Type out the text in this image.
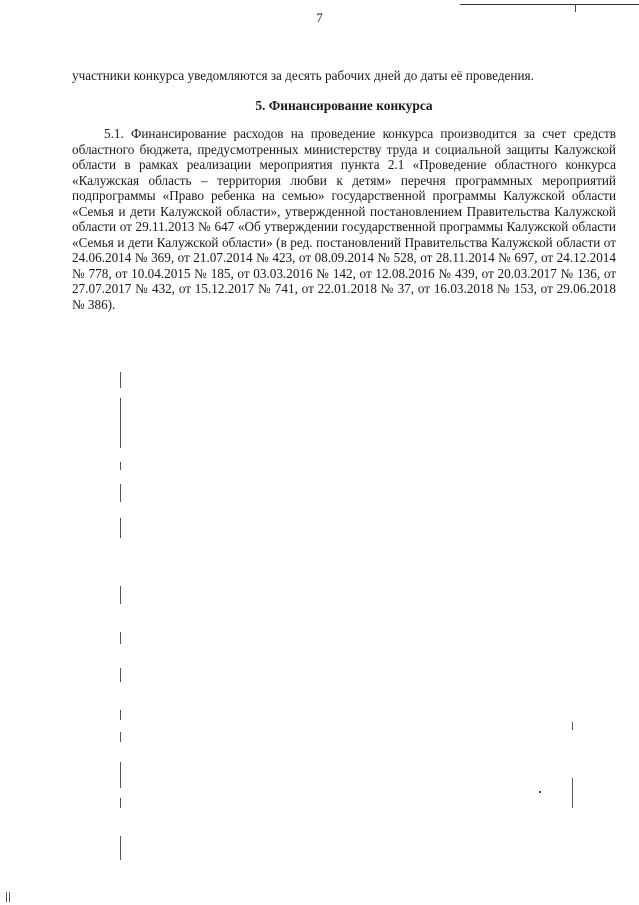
7
участники конкурса уведомляются за десять рабочих дней до даты её проведения.
5. Финансирование конкурса
5.1. Финансирование расходов на проведение конкурса производится за счет средств областного бюджета, предусмотренных министерству труда и социальной защиты Калужской области в рамках реализации мероприятия пункта 2.1 «Проведение областного конкурса «Калужская область – территория любви к детям» перечня программных мероприятий подпрограммы «Право ребенка на семью» государственной программы Калужской области «Семья и дети Калужской области», утвержденной постановлением Правительства Калужской области от 29.11.2013 № 647 «Об утверждении государственной программы Калужской области «Семья и дети Калужской области» (в ред. постановлений Правительства Калужской области от 24.06.2014 № 369, от 21.07.2014 № 423, от 08.09.2014 № 528, от 28.11.2014 № 697, от 24.12.2014 № 778, от 10.04.2015 № 185, от 03.03.2016 № 142, от 12.08.2016 № 439, от 20.03.2017 № 136, от 27.07.2017 № 432, от 15.12.2017 № 741, от 22.01.2018 № 37, от 16.03.2018 № 153, от 29.06.2018 № 386).
